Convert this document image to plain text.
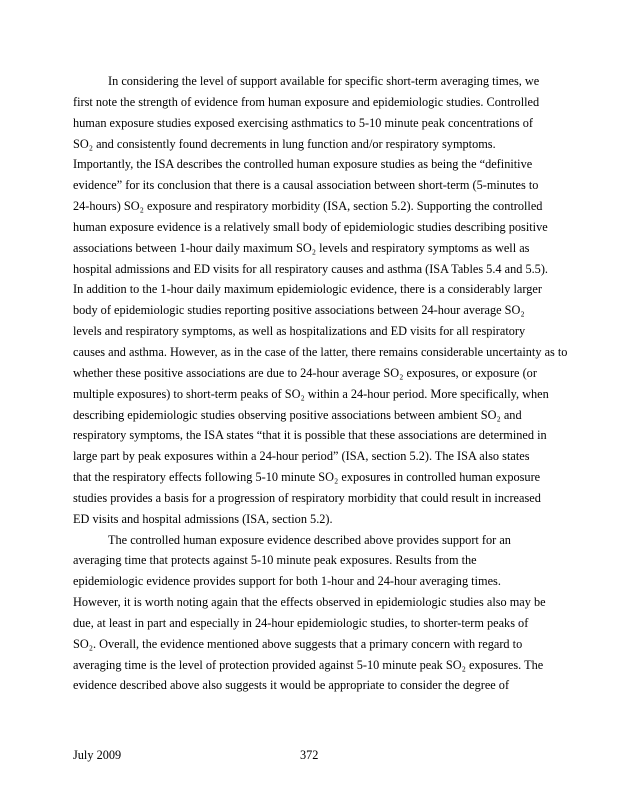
In considering the level of support available for specific short-term averaging times, we
first note the strength of evidence from human exposure and epidemiologic studies. Controlled
human exposure studies exposed exercising asthmatics to 5-10 minute peak concentrations of
SO₂ and consistently found decrements in lung function and/or respiratory symptoms.
Importantly, the ISA describes the controlled human exposure studies as being the “definitive
evidence” for its conclusion that there is a causal association between short-term (5-minutes to
24-hours) SO₂ exposure and respiratory morbidity (ISA, section 5.2). Supporting the controlled
human exposure evidence is a relatively small body of epidemiologic studies describing positive
associations between 1-hour daily maximum SO₂ levels and respiratory symptoms as well as
hospital admissions and ED visits for all respiratory causes and asthma (ISA Tables 5.4 and 5.5).
In addition to the 1-hour daily maximum epidemiologic evidence, there is a considerably larger
body of epidemiologic studies reporting positive associations between 24-hour average SO₂
levels and respiratory symptoms, as well as hospitalizations and ED visits for all respiratory
causes and asthma. However, as in the case of the latter, there remains considerable uncertainty as to
whether these positive associations are due to 24-hour average SO₂ exposures, or exposure (or
multiple exposures) to short-term peaks of SO₂ within a 24-hour period. More specifically, when
describing epidemiologic studies observing positive associations between ambient SO₂ and
respiratory symptoms, the ISA states “that it is possible that these associations are determined in
large part by peak exposures within a 24-hour period” (ISA, section 5.2). The ISA also states
that the respiratory effects following 5-10 minute SO₂ exposures in controlled human exposure
studies provides a basis for a progression of respiratory morbidity that could result in increased
ED visits and hospital admissions (ISA, section 5.2).
The controlled human exposure evidence described above provides support for an
averaging time that protects against 5-10 minute peak exposures. Results from the
epidemiologic evidence provides support for both 1-hour and 24-hour averaging times.
However, it is worth noting again that the effects observed in epidemiologic studies also may be
due, at least in part and especially in 24-hour epidemiologic studies, to shorter-term peaks of
SO₂. Overall, the evidence mentioned above suggests that a primary concern with regard to
averaging time is the level of protection provided against 5-10 minute peak SO₂ exposures. The
evidence described above also suggests it would be appropriate to consider the degree of
July 2009	372
